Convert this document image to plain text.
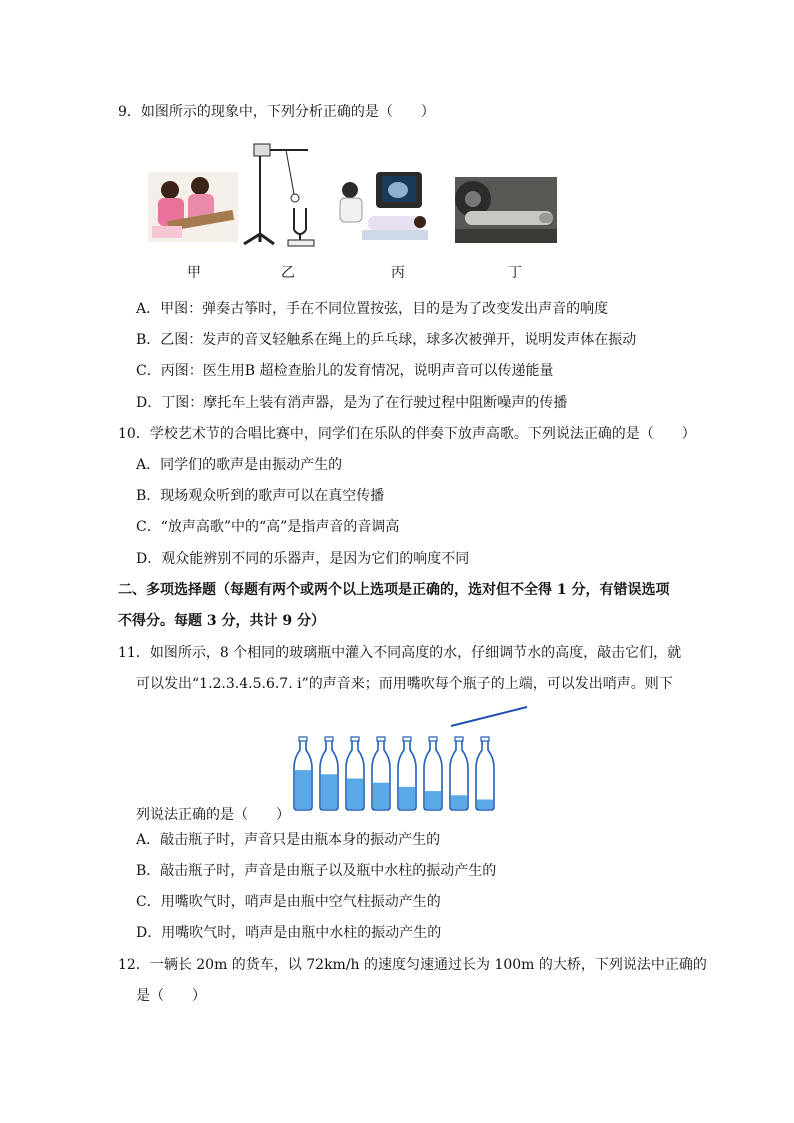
9．如图所示的现象中，下列分析正确的是（　　）
甲	乙	丙	丁
A．甲图：弹奏古筝时，手在不同位置按弦，目的是为了改变发出声音的响度
B．乙图：发声的音叉轻触系在绳上的乒乓球，球多次被弹开，说明发声体在振动
C．丙图：医生用B 超检查胎儿的发育情况，说明声音可以传递能量
D．丁图：摩托车上装有消声器，是为了在行驶过程中阻断噪声的传播
10．学校艺术节的合唱比赛中，同学们在乐队的伴奏下放声高歌。下列说法正确的是（　　）
A．同学们的歌声是由振动产生的
B．现场观众听到的歌声可以在真空传播
C．“放声高歌”中的“高”是指声音的音调高
D．观众能辨别不同的乐器声，是因为它们的响度不同
二、多项选择题（每题有两个或两个以上选项是正确的，选对但不全得 1 分，有错误选项
不得分。每题 3 分，共计 9 分）
11．如图所示，8 个相同的玻璃瓶中灌入不同高度的水，仔细调节水的高度，敲击它们，就
可以发出“1.2.3.4.5.6.7. i”的声音来；而用嘴吹每个瓶子的上端，可以发出哨声。则下
列说法正确的是（　　）
A．敲击瓶子时，声音只是由瓶本身的振动产生的
B．敲击瓶子时，声音是由瓶子以及瓶中水柱的振动产生的
C．用嘴吹气时，哨声是由瓶中空气柱振动产生的
D．用嘴吹气时，哨声是由瓶中水柱的振动产生的
12．一辆长 20m 的货车，以 72km/h 的速度匀速通过长为 100m 的大桥，下列说法中正确的
是（　　）
